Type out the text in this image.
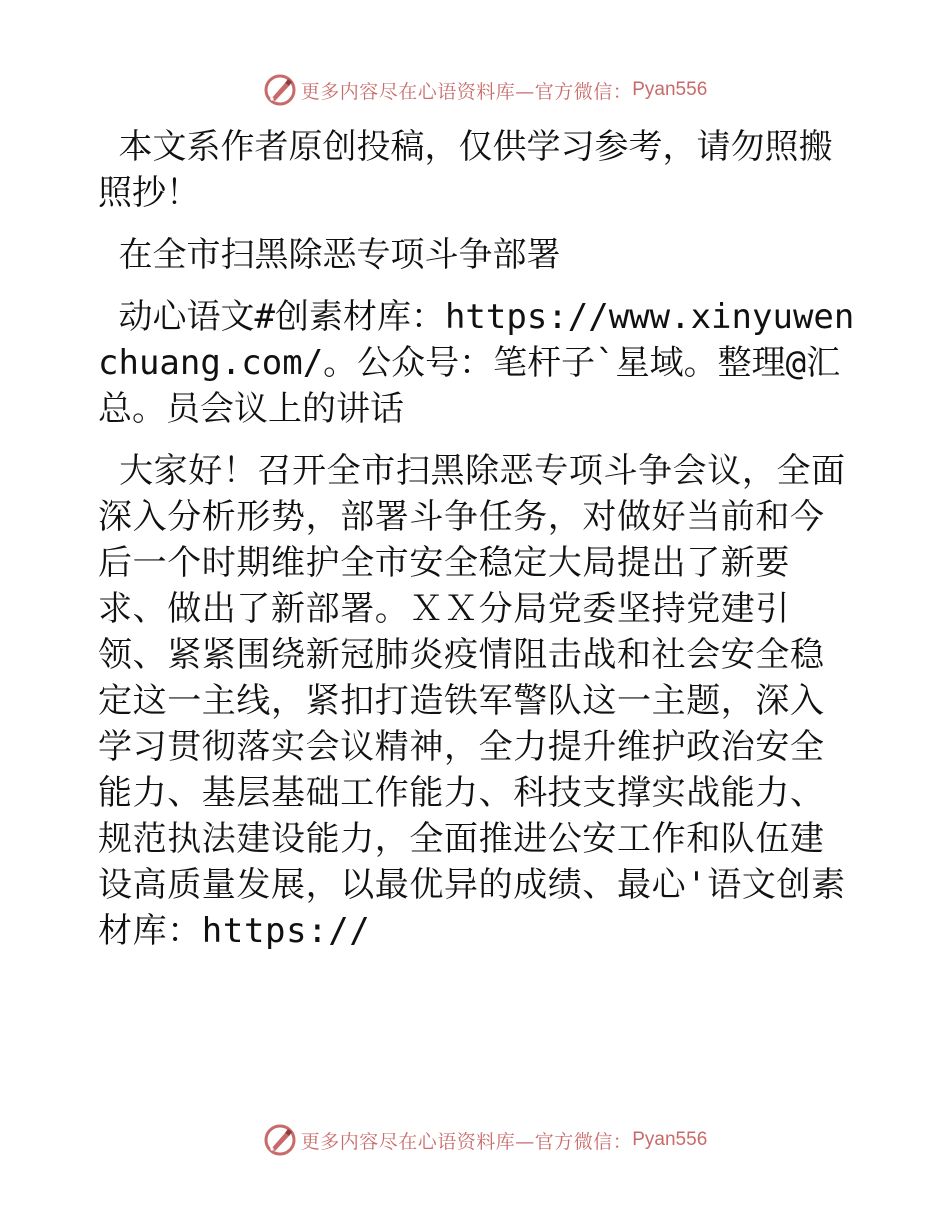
更多内容尽在心语资料库—官方微信： Pyan556

本文系作者原创投稿，仅供学习参考，请勿照搬照抄！

在全市扫黑除恶专项斗争部署

动心语文#创素材库：https://www.xinyuwenchuang.com/。公众号：笔杆子`星域。整理@汇总。员会议上的讲话

大家好！召开全市扫黑除恶专项斗争会议，全面深入分析形势，部署斗争任务，对做好当前和今后一个时期维护全市安全稳定大局提出了新要求、做出了新部署。ＸＸ分局党委坚持党建引领、紧紧围绕新冠肺炎疫情阻击战和社会安全稳定这一主线，紧扣打造铁军警队这一主题，深入学习贯彻落实会议精神，全力提升维护政治安全能力、基层基础工作能力、科技支撑实战能力、规范执法建设能力，全面推进公安工作和队伍建设高质量发展，以最优异的成绩、最心'语文创素材库：https://

更多内容尽在心语资料库—官方微信： Pyan556
